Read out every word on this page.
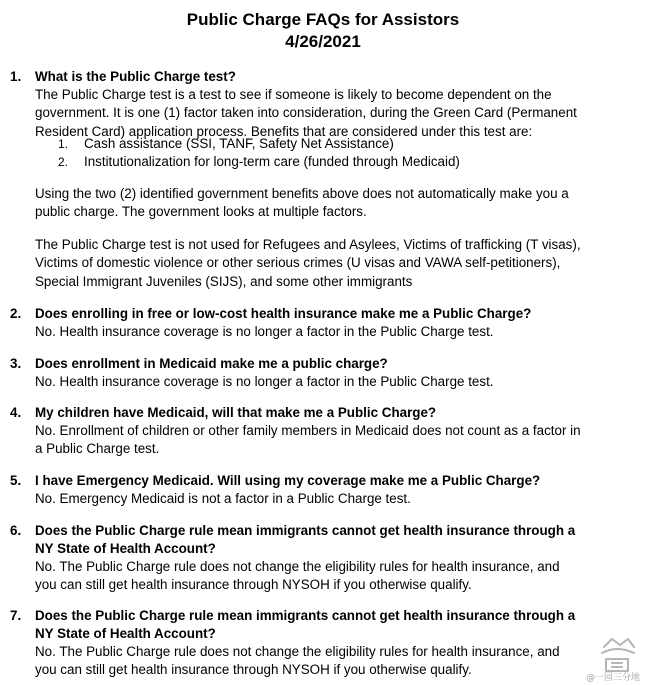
Public Charge FAQs for Assistors
4/26/2021
1. What is the Public Charge test?
The Public Charge test is a test to see if someone is likely to become dependent on the
government. It is one (1) factor taken into consideration, during the Green Card (Permanent
Resident Card) application process. Benefits that are considered under this test are:
1. Cash assistance (SSI, TANF, Safety Net Assistance)
2. Institutionalization for long-term care (funded through Medicaid)
Using the two (2) identified government benefits above does not automatically make you a
public charge. The government looks at multiple factors.
The Public Charge test is not used for Refugees and Asylees, Victims of trafficking (T visas),
Victims of domestic violence or other serious crimes (U visas and VAWA self-petitioners),
Special Immigrant Juveniles (SIJS), and some other immigrants
2. Does enrolling in free or low-cost health insurance make me a Public Charge?
No. Health insurance coverage is no longer a factor in the Public Charge test.
3. Does enrollment in Medicaid make me a public charge?
No. Health insurance coverage is no longer a factor in the Public Charge test.
4. My children have Medicaid, will that make me a Public Charge?
No. Enrollment of children or other family members in Medicaid does not count as a factor in
a Public Charge test.
5. I have Emergency Medicaid. Will using my coverage make me a Public Charge?
No. Emergency Medicaid is not a factor in a Public Charge test.
6. Does the Public Charge rule mean immigrants cannot get health insurance through a
NY State of Health Account?
No. The Public Charge rule does not change the eligibility rules for health insurance, and
you can still get health insurance through NYSOH if you otherwise qualify.
7. Does the Public Charge rule mean immigrants cannot get health insurance through a
NY State of Health Account?
No. The Public Charge rule does not change the eligibility rules for health insurance, and
you can still get health insurance through NYSOH if you otherwise qualify.
@一园三分地
